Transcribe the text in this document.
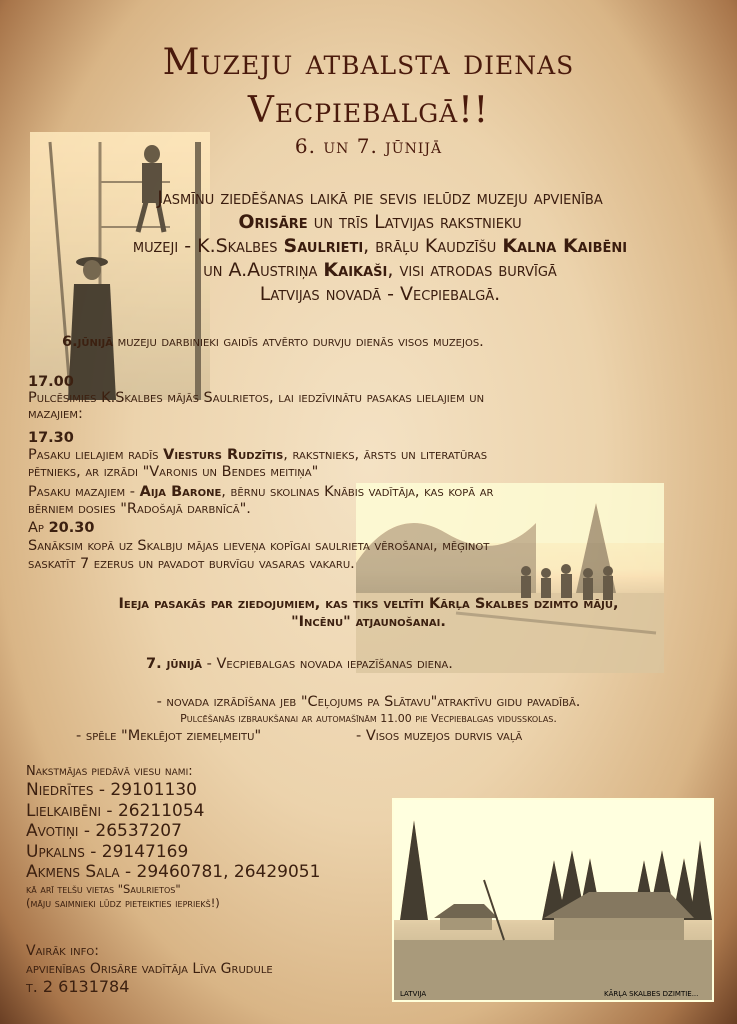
LATVIJA	KĀRĻA SKALBES DZIMTIE...
Muzeju atbalsta dienas
Vecpiebalgā!!
6. un 7. jūnijā
Jasmīnu ziedēšanas laikā pie sevis ielūdz muzeju apvienība
Orisāre un trīs Latvijas rakstnieku
muzeji - K.Skalbes Saulrieti, brāļu Kaudzīšu Kalna Kaibēni
un A.Austriņa Kaikaši, visi atrodas burvīgā
Latvijas novadā - Vecpiebalgā.
6.jūnijā muzeju darbinieki gaidīs atvērto durvju dienās visos muzejos.
17.00
Pulcēsimies K.Skalbes mājās Saulrietos, lai iedzīvinātu pasakas lielajiem un
mazajiem:
17.30
Pasaku lielajiem radīs Viesturs Rudzītis, rakstnieks, ārsts un literatūras
pētnieks, ar izrādi "Varonis un Bendes meitiņa"
Pasaku mazajiem - Aija Barone, bērnu skolinas Knābis vadītāja, kas kopā ar
bērniem dosies "Radošajā darbnīcā".
Ap 20.30
Sanāksim kopā uz Skalbju mājas lieveņa kopīgai saulrieta vērošanai, mēģinot
saskatīt 7 ezerus un pavadot burvīgu vasaras vakaru.
Ieeja pasakās par ziedojumiem, kas tiks veltīti Kārļa Skalbes dzimto māju,
"Incēnu" atjaunošanai.
7. jūnijā - Vecpiebalgas novada iepazīšanas diena.
- novada izrādīšana jeb "Ceļojums pa Slātavu"atraktīvu gidu pavadībā.
Pulcēšanās izbraukšanai ar automašīnām 11.00 pie Vecpiebalgas vidusskolas.
- spēle "Meklējot ziemeļmeitu"	- Visos muzejos durvis vaļā
Nakstmājas piedāvā viesu nami:
Niedrītes - 29101130
Lielkaibēni - 26211054
Avotiņi - 26537207
Upkalns - 29147169
Akmens Sala - 29460781, 26429051
kā arī telšu vietas "Saulrietos"
(māju saimnieki lūdz pieteikties iepriekš!)
Vairāk info:
apvienības Orisāre vadītāja Līva Grudule
t. 2 6131784
